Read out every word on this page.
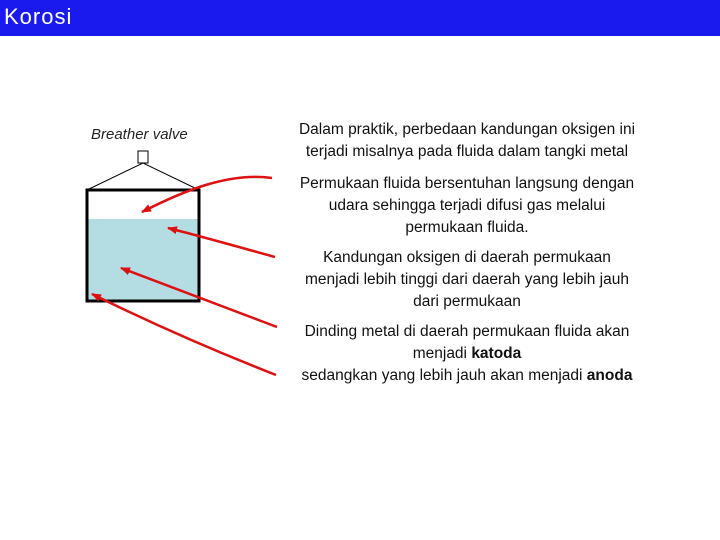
Korosi
Breather valve	Dalam praktik, perbedaan kandungan oksigen ini
terjadi misalnya pada fluida dalam tangki metal
Permukaan fluida bersentuhan langsung dengan
udara sehingga terjadi difusi gas melalui
permukaan fluida.
Kandungan oksigen di daerah permukaan
menjadi lebih tinggi dari daerah yang lebih jauh
dari permukaan
Dinding metal di daerah permukaan fluida akan
menjadi katoda
sedangkan yang lebih jauh akan menjadi anoda
